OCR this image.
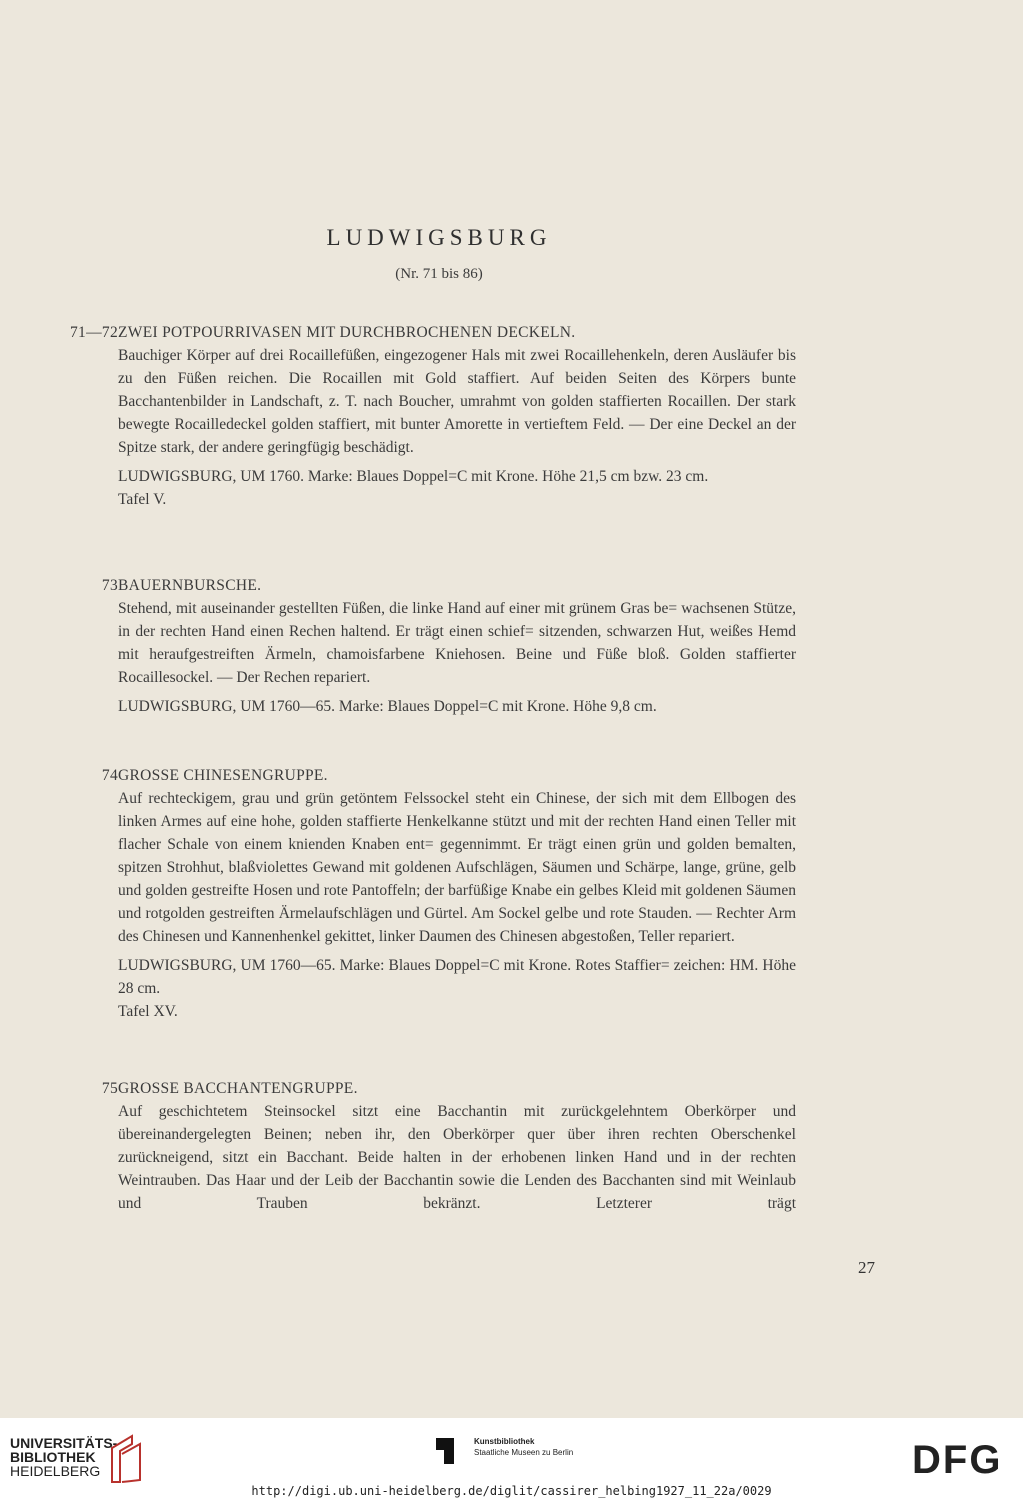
LUDWIGSBURG
(Nr. 71 bis 86)
71—72ZWEI POTPOURRIVASEN MIT DURCHBROCHENEN DECKELN.

Bauchiger Körper auf drei Rocaillefüßen, eingezogener Hals mit zwei Rocaillehenkeln, deren Ausläufer bis zu den Füßen reichen. Die Rocaillen mit Gold staffiert. Auf beiden Seiten des Körpers bunte Bacchantenbilder in Landschaft, z. T. nach Boucher, umrahmt von golden staffierten Rocaillen. Der stark bewegte Rocailledeckel golden staffiert, mit bunter Amorette in vertieftem Feld. — Der eine Deckel an der Spitze stark, der andere geringfügig beschädigt.

LUDWIGSBURG, UM 1760. Marke: Blaues Doppel=C mit Krone. Höhe 21,5 cm bzw. 23 cm.

Tafel V.

73BAUERNBURSCHE.

Stehend, mit auseinander gestellten Füßen, die linke Hand auf einer mit grünem Gras be= wachsenen Stütze, in der rechten Hand einen Rechen haltend. Er trägt einen schief= sitzenden, schwarzen Hut, weißes Hemd mit heraufgestreiften Ärmeln, chamoisfarbene Kniehosen. Beine und Füße bloß. Golden staffierter Rocaillesockel. — Der Rechen repariert.

LUDWIGSBURG, UM 1760—65. Marke: Blaues Doppel=C mit Krone. Höhe 9,8 cm.

74GROSSE CHINESENGRUPPE.

Auf rechteckigem, grau und grün getöntem Felssockel steht ein Chinese, der sich mit dem Ellbogen des linken Armes auf eine hohe, golden staffierte Henkelkanne stützt und mit der rechten Hand einen Teller mit flacher Schale von einem knienden Knaben ent= gegennimmt. Er trägt einen grün und golden bemalten, spitzen Strohhut, blaßviolettes Gewand mit goldenen Aufschlägen, Säumen und Schärpe, lange, grüne, gelb und golden gestreifte Hosen und rote Pantoffeln; der barfüßige Knabe ein gelbes Kleid mit goldenen Säumen und rotgolden gestreiften Ärmelaufschlägen und Gürtel. Am Sockel gelbe und rote Stauden. — Rechter Arm des Chinesen und Kannenhenkel gekittet, linker Daumen des Chinesen abgestoßen, Teller repariert.

LUDWIGSBURG, UM 1760—65. Marke: Blaues Doppel=C mit Krone. Rotes Staffier= zeichen: HM. Höhe 28 cm.

Tafel XV.

75GROSSE BACCHANTENGRUPPE.

Auf geschichtetem Steinsockel sitzt eine Bacchantin mit zurückgelehntem Oberkörper und übereinandergelegten Beinen; neben ihr, den Oberkörper quer über ihren rechten Oberschenkel zurückneigend, sitzt ein Bacchant. Beide halten in der erhobenen linken Hand und in der rechten Weintrauben. Das Haar und der Leib der Bacchantin sowie die Lenden des Bacchanten sind mit Weinlaub und Trauben bekränzt. Letzterer trägt

27
UNIVERSITÄTS-
BIBLIOTHEK
HEIDELBERG
Kunstbibliothek
Staatliche Museen zu Berlin	DFG
http://digi.ub.uni-heidelberg.de/diglit/cassirer_helbing1927_11_22a/0029
